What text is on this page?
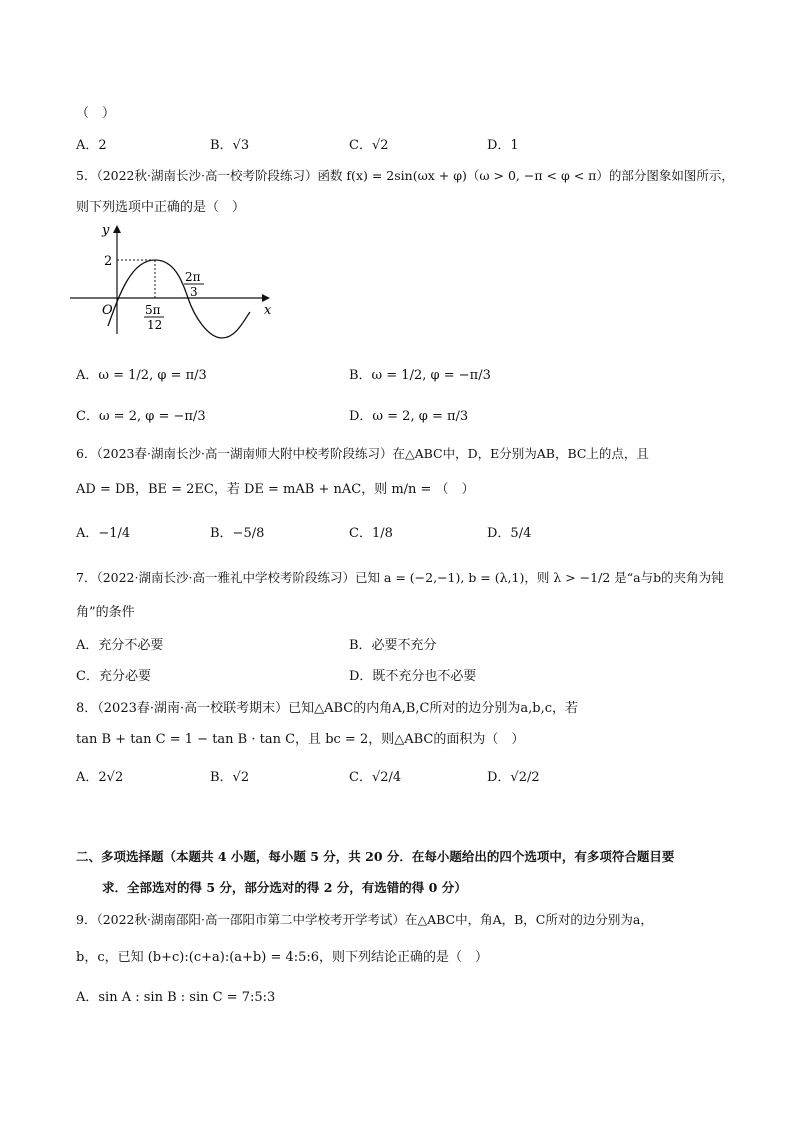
（　）
A．2	B．√3	C．√2	D．1
5．（2022秋·湖南长沙·高一校考阶段练习）函数 f(x) = 2sin(ωx + φ)（ω > 0, −π < φ < π）的部分图象如图所示，
则下列选项中正确的是（　）
y
x
O
2
5π
12
2π
3
A．ω = 1/2, φ = π/3	B．ω = 1/2, φ = −π/3
C．ω = 2, φ = −π/3	D．ω = 2, φ = π/3
6．（2023春·湖南长沙·高一湖南师大附中校考阶段练习）在△ABC中，D，E分别为AB，BC上的点，且
AD = DB，BE = 2EC，若 DE = mAB + nAC，则 m/n = （　）
A．−1/4	B．−5/8	C．1/8	D．5/4
7．（2022·湖南长沙·高一雅礼中学校考阶段练习）已知 a = (−2,−1), b = (λ,1)，则 λ > −1/2 是“a与b的夹角为钝
角”的条件
A．充分不必要	B．必要不充分
C．充分必要	D．既不充分也不必要
8．（2023春·湖南·高一校联考期末）已知△ABC的内角A,B,C所对的边分别为a,b,c，若
tan B + tan C = 1 − tan B · tan C，且 bc = 2，则△ABC的面积为（　）
A．2√2	B．√2	C．√2/4	D．√2/2
二、多项选择题（本题共 4 小题，每小题 5 分，共 20 分．在每小题给出的四个选项中，有多项符合题目要
求．全部选对的得 5 分，部分选对的得 2 分，有选错的得 0 分）
9．（2022秋·湖南邵阳·高一邵阳市第二中学校考开学考试）在△ABC中，角A，B，C所对的边分别为a，
b，c，已知 (b+c):(c+a):(a+b) = 4:5:6，则下列结论正确的是（　）
A．sin A : sin B : sin C = 7:5:3
